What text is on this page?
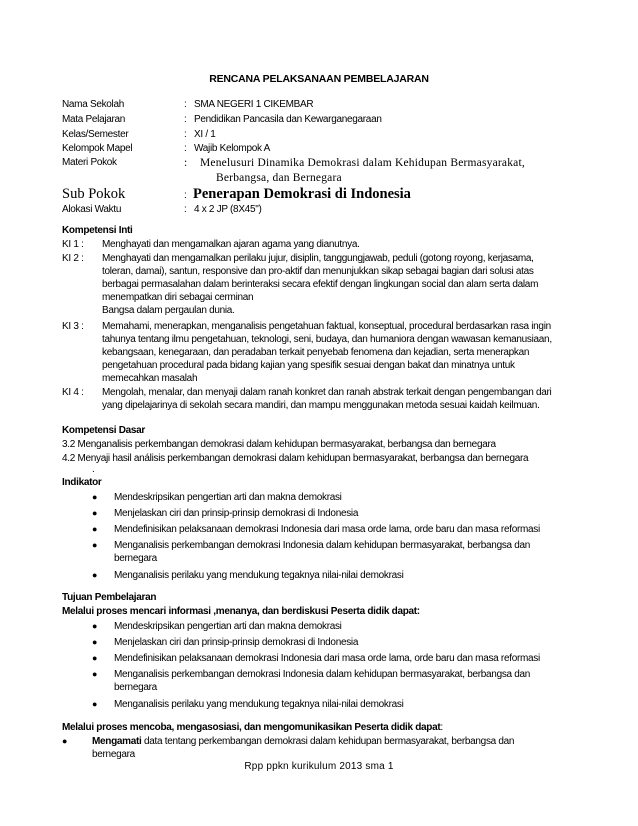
RENCANA PELAKSANAAN PEMBELAJARAN
Nama Sekolah	: SMA NEGERI 1 CIKEMBAR
Mata Pelajaran	: Pendidikan Pancasila dan Kewarganegaraan
Kelas/Semester	: XI / 1
Kelompok Mapel	: Wajib Kelompok A
Materi Pokok	: Menelusuri Dinamika Demokrasi dalam Kehidupan Bermasyarakat,
Berbangsa, dan Bernegara
Sub Pokok	: Penerapan Demokrasi di Indonesia
Alokasi Waktu	: 4 x 2 JP (8X45")
Kompetensi Inti
KI 1 : Menghayati dan mengamalkan ajaran agama yang dianutnya.
KI 2 : Menghayati dan mengamalkan perilaku jujur, disiplin, tanggungjawab, peduli (gotong royong, kerjasama,
toleran, damai), santun, responsive dan pro-aktif dan menunjukkan sikap sebagai bagian dari solusi atas
berbagai permasalahan dalam berinteraksi secara efektif dengan lingkungan social dan alam serta dalam
menempatkan diri sebagai cerminan
Bangsa dalam pergaulan dunia.
KI 3 : Memahami, menerapkan, menganalisis pengetahuan faktual, konseptual, procedural berdasarkan rasa ingin
tahunya tentang ilmu pengetahuan, teknologi, seni, budaya, dan humaniora dengan wawasan kemanusiaan,
kebangsaan, kenegaraan, dan peradaban terkait penyebab fenomena dan kejadian, serta menerapkan
pengetahuan procedural pada bidang kajian yang spesifik sesuai dengan bakat dan minatnya untuk
memecahkan masalah
KI 4 : Mengolah, menalar, dan menyaji dalam ranah konkret dan ranah abstrak terkait dengan pengembangan dari
yang dipelajarinya di sekolah secara mandiri, dan mampu menggunakan metoda sesuai kaidah keilmuan.
Kompetensi Dasar
3.2 Menganalisis perkembangan demokrasi dalam kehidupan bermasyarakat, berbangsa dan bernegara
4.2 Menyaji hasil análisis perkembangan demokrasi dalam kehidupan bermasyarakat, berbangsa dan bernegara
.
Indikator
● Mendeskripsikan pengertian arti dan makna demokrasi
● Menjelaskan ciri dan prinsip-prinsip demokrasi di Indonesia
● Mendefinisikan pelaksanaan demokrasi Indonesia dari masa orde lama, orde baru dan masa reformasi
● Menganalisis perkembangan demokrasi Indonesia dalam kehidupan bermasyarakat, berbangsa dan
bernegara
● Menganalisis perilaku yang mendukung tegaknya nilai-nilai demokrasi
Tujuan Pembelajaran
Melalui proses mencari informasi ,menanya, dan berdiskusi Peserta didik dapat:
● Mendeskripsikan pengertian arti dan makna demokrasi
● Menjelaskan ciri dan prinsip-prinsip demokrasi di Indonesia
● Mendefinisikan pelaksanaan demokrasi Indonesia dari masa orde lama, orde baru dan masa reformasi
● Menganalisis perkembangan demokrasi Indonesia dalam kehidupan bermasyarakat, berbangsa dan
bernegara
● Menganalisis perilaku yang mendukung tegaknya nilai-nilai demokrasi
Melalui proses mencoba, mengasosiasi, dan mengomunikasikan Peserta didik dapat:
● Mengamati data tentang perkembangan demokrasi dalam kehidupan bermasyarakat, berbangsa dan
bernegara
Rpp ppkn kurikulum 2013 sma 1
